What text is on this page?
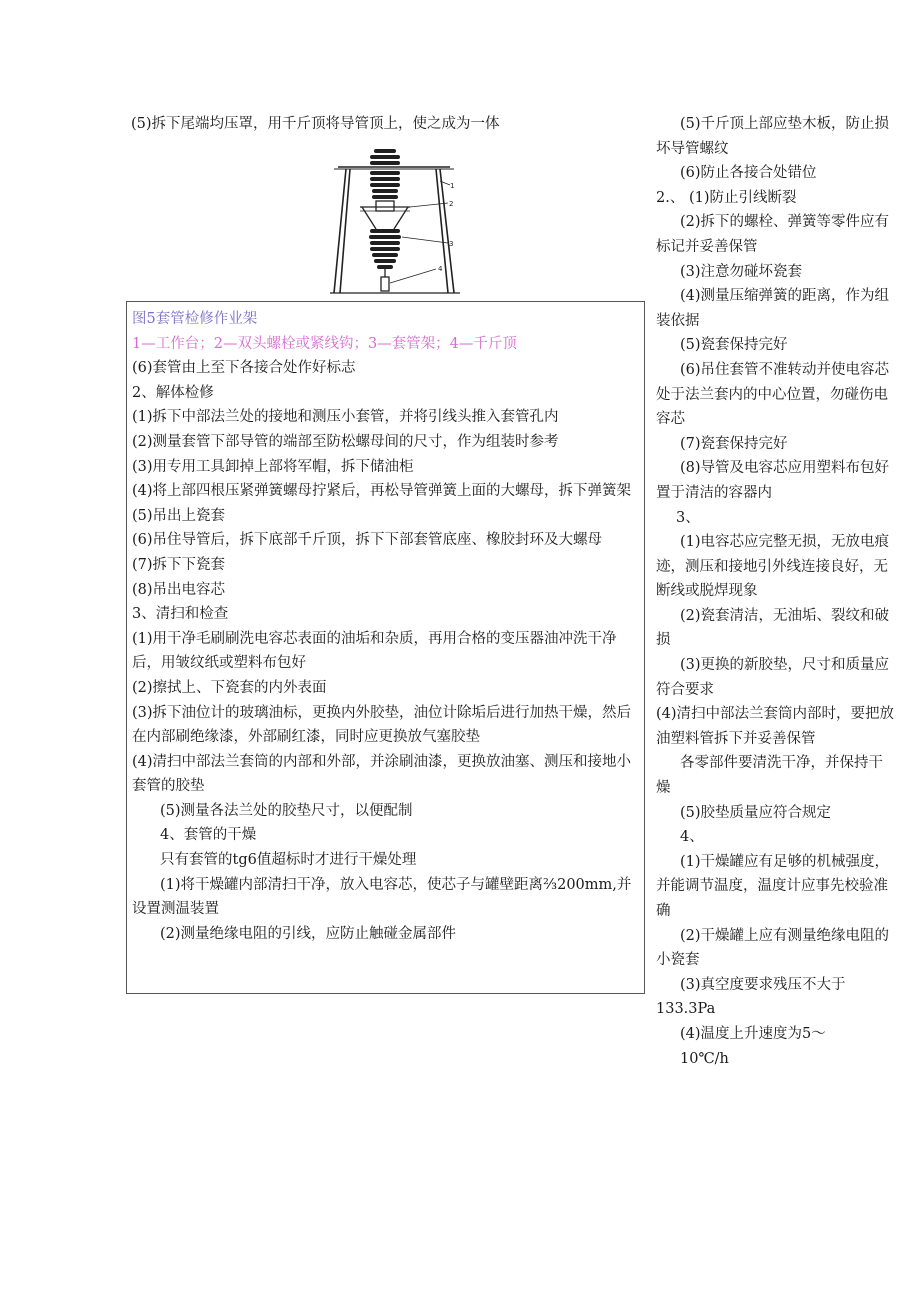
(5)拆下尾端均压罩，用千斤顶将导管顶上，使之成为一体
1
2
3
4

图5套管检修作业架

1—工作台；2—双头螺栓或紧线钩；3—套管架；4—千斤顶

(6)套管由上至下各接合处作好标志

2、解体检修

(1)拆下中部法兰处的接地和测压小套管，并将引线头推入套管孔内

(2)测量套管下部导管的端部至防松螺母间的尺寸，作为组装时参考

(3)用专用工具卸掉上部将军帽，拆下储油柜

(4)将上部四根压紧弹簧螺母拧紧后，再松导管弹簧上面的大螺母，拆下弹簧架

(5)吊出上瓷套

(6)吊住导管后，拆下底部千斤顶，拆下下部套管底座、橡胶封环及大螺母

(7)拆下下瓷套

(8)吊出电容芯

3、清扫和检查

(1)用干净毛刷刷洗电容芯表面的油垢和杂质，再用合格的变压器油冲洗干净后，用皱纹纸或塑料布包好

(2)擦拭上、下瓷套的内外表面

(3)拆下油位计的玻璃油标，更换内外胶垫，油位计除垢后进行加热干燥，然后在内部刷绝缘漆，外部刷红漆，同时应更换放气塞胶垫

(4)清扫中部法兰套筒的内部和外部，并涂刷油漆，更换放油塞、测压和接地小套管的胶垫

(5)测量各法兰处的胶垫尺寸，以便配制

4、套管的干燥

只有套管的tg6值超标时才进行干燥处理

(1)将干燥罐内部清扫干净，放入电容芯，使芯子与罐壁距离⅔200mm,并设置测温装置

(2)测量绝缘电阻的引线，应防止触碰金属部件

(5)千斤顶上部应垫木板，防止损坏导管螺纹

(6)防止各接合处错位

2.、 (1)防止引线断裂

(2)拆下的螺栓、弹簧等零件应有标记并妥善保管

(3)注意勿碰坏瓷套

(4)测量压缩弹簧的距离，作为组装依据

(5)瓷套保持完好

(6)吊住套管不准转动并使电容芯处于法兰套内的中心位置，勿碰伤电容芯

(7)瓷套保持完好

(8)导管及电容芯应用塑料布包好置于清洁的容器内

3、

(1)电容芯应完整无损，无放电痕迹，测压和接地引外线连接良好，无断线或脱焊现象

(2)瓷套清洁，无油垢、裂纹和破损

(3)更换的新胶垫，尺寸和质量应符合要求

(4)清扫中部法兰套筒内部时，要把放油塑料管拆下并妥善保管

各零部件要清洗干净，并保持干燥

(5)胶垫质量应符合规定

4、

(1)干燥罐应有足够的机械强度，并能调节温度，温度计应事先校验准确

(2)干燥罐上应有测量绝缘电阻的小瓷套

(3)真空度要求残压不大于133.3Pa

(4)温度上升速度为5～

10℃/h
